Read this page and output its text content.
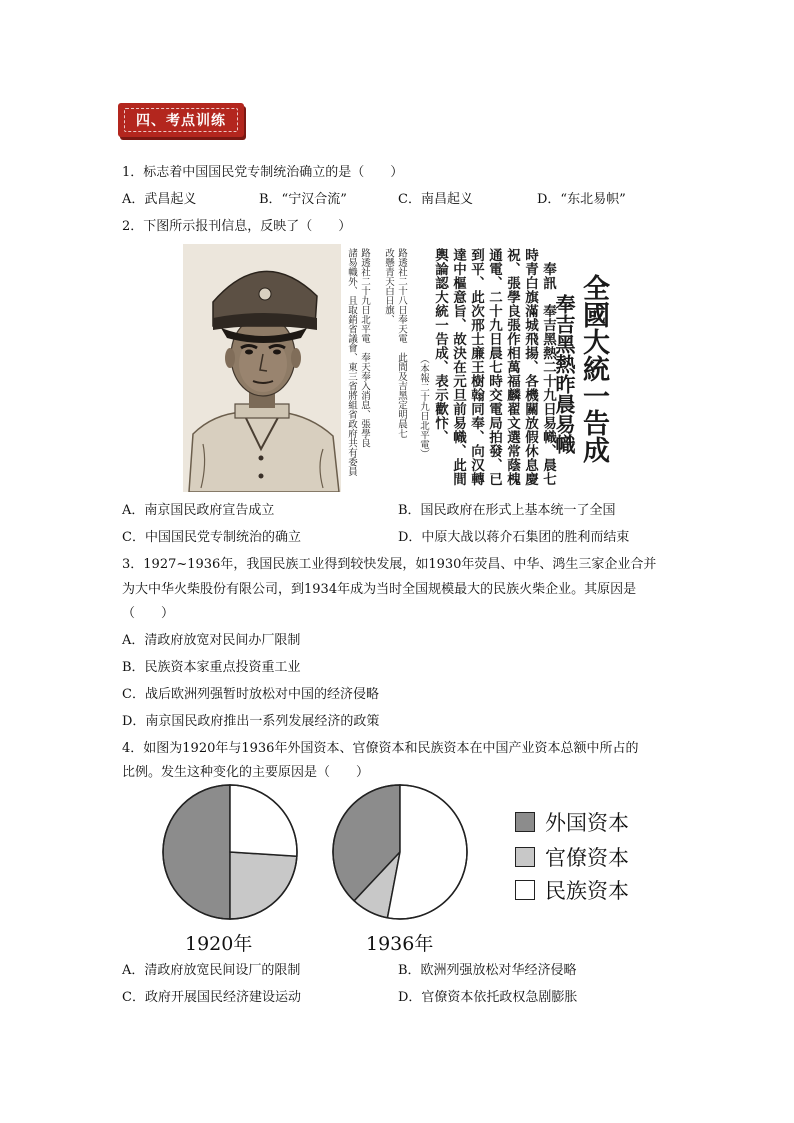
四、考点训练
1．标志着中国国民党专制统治确立的是（　　）
A．武昌起义	B．“宁汉合流”	C．南昌起义	D．“东北易帜”
2．下图所示报刊信息，反映了（　　）
諸易幟外、且取銷省議會、東三省將組省政府共有委員 路透社二十九日北平電　奉天奉入消息、張學良 改懸青天白日旗、 路透社二十八日奉天電　此間及吉黑定明晨七 （本報二十九日北平電） 輿論認大統一告成、表示歡忭、 達中樞意旨、故決在元旦前易幟、此間 到平、此次邢士廉王樹翰同奉、向汉轉 通電、二十九日晨七時交電局拍發、已 祝、張學良張作相萬福麟翟文選常蔭槐 時青白旗滿城飛揚、各機關放假休息慶 奉訊　奉吉黑熱二十九日易幟、晨七
奉吉黑熱昨晨易幟 全國大統一告成
A．南京国民政府宣告成立	B．国民政府在形式上基本统一了全国
C．中国国民党专制统治的确立	D．中原大战以蒋介石集团的胜利而结束
3．1927~1936年，我国民族工业得到较快发展，如1930年荧昌、中华、鸿生三家企业合并
为大中华火柴股份有限公司，到1934年成为当时全国规模最大的民族火柴企业。其原因是
（　　）
A．清政府放宽对民间办厂限制
B．民族资本家重点投资重工业
C．战后欧洲列强暂时放松对中国的经济侵略
D．南京国民政府推出一系列发展经济的政策
4．如图为1920年与1936年外国资本、官僚资本和民族资本在中国产业资本总额中所占的
比例。发生这种变化的主要原因是（　　）
1920年	1936年
外国资本
官僚资本
民族资本
A．清政府放宽民间设厂的限制	B．欧洲列强放松对华经济侵略
C．政府开展国民经济建设运动	D．官僚资本依托政权急剧膨胀
